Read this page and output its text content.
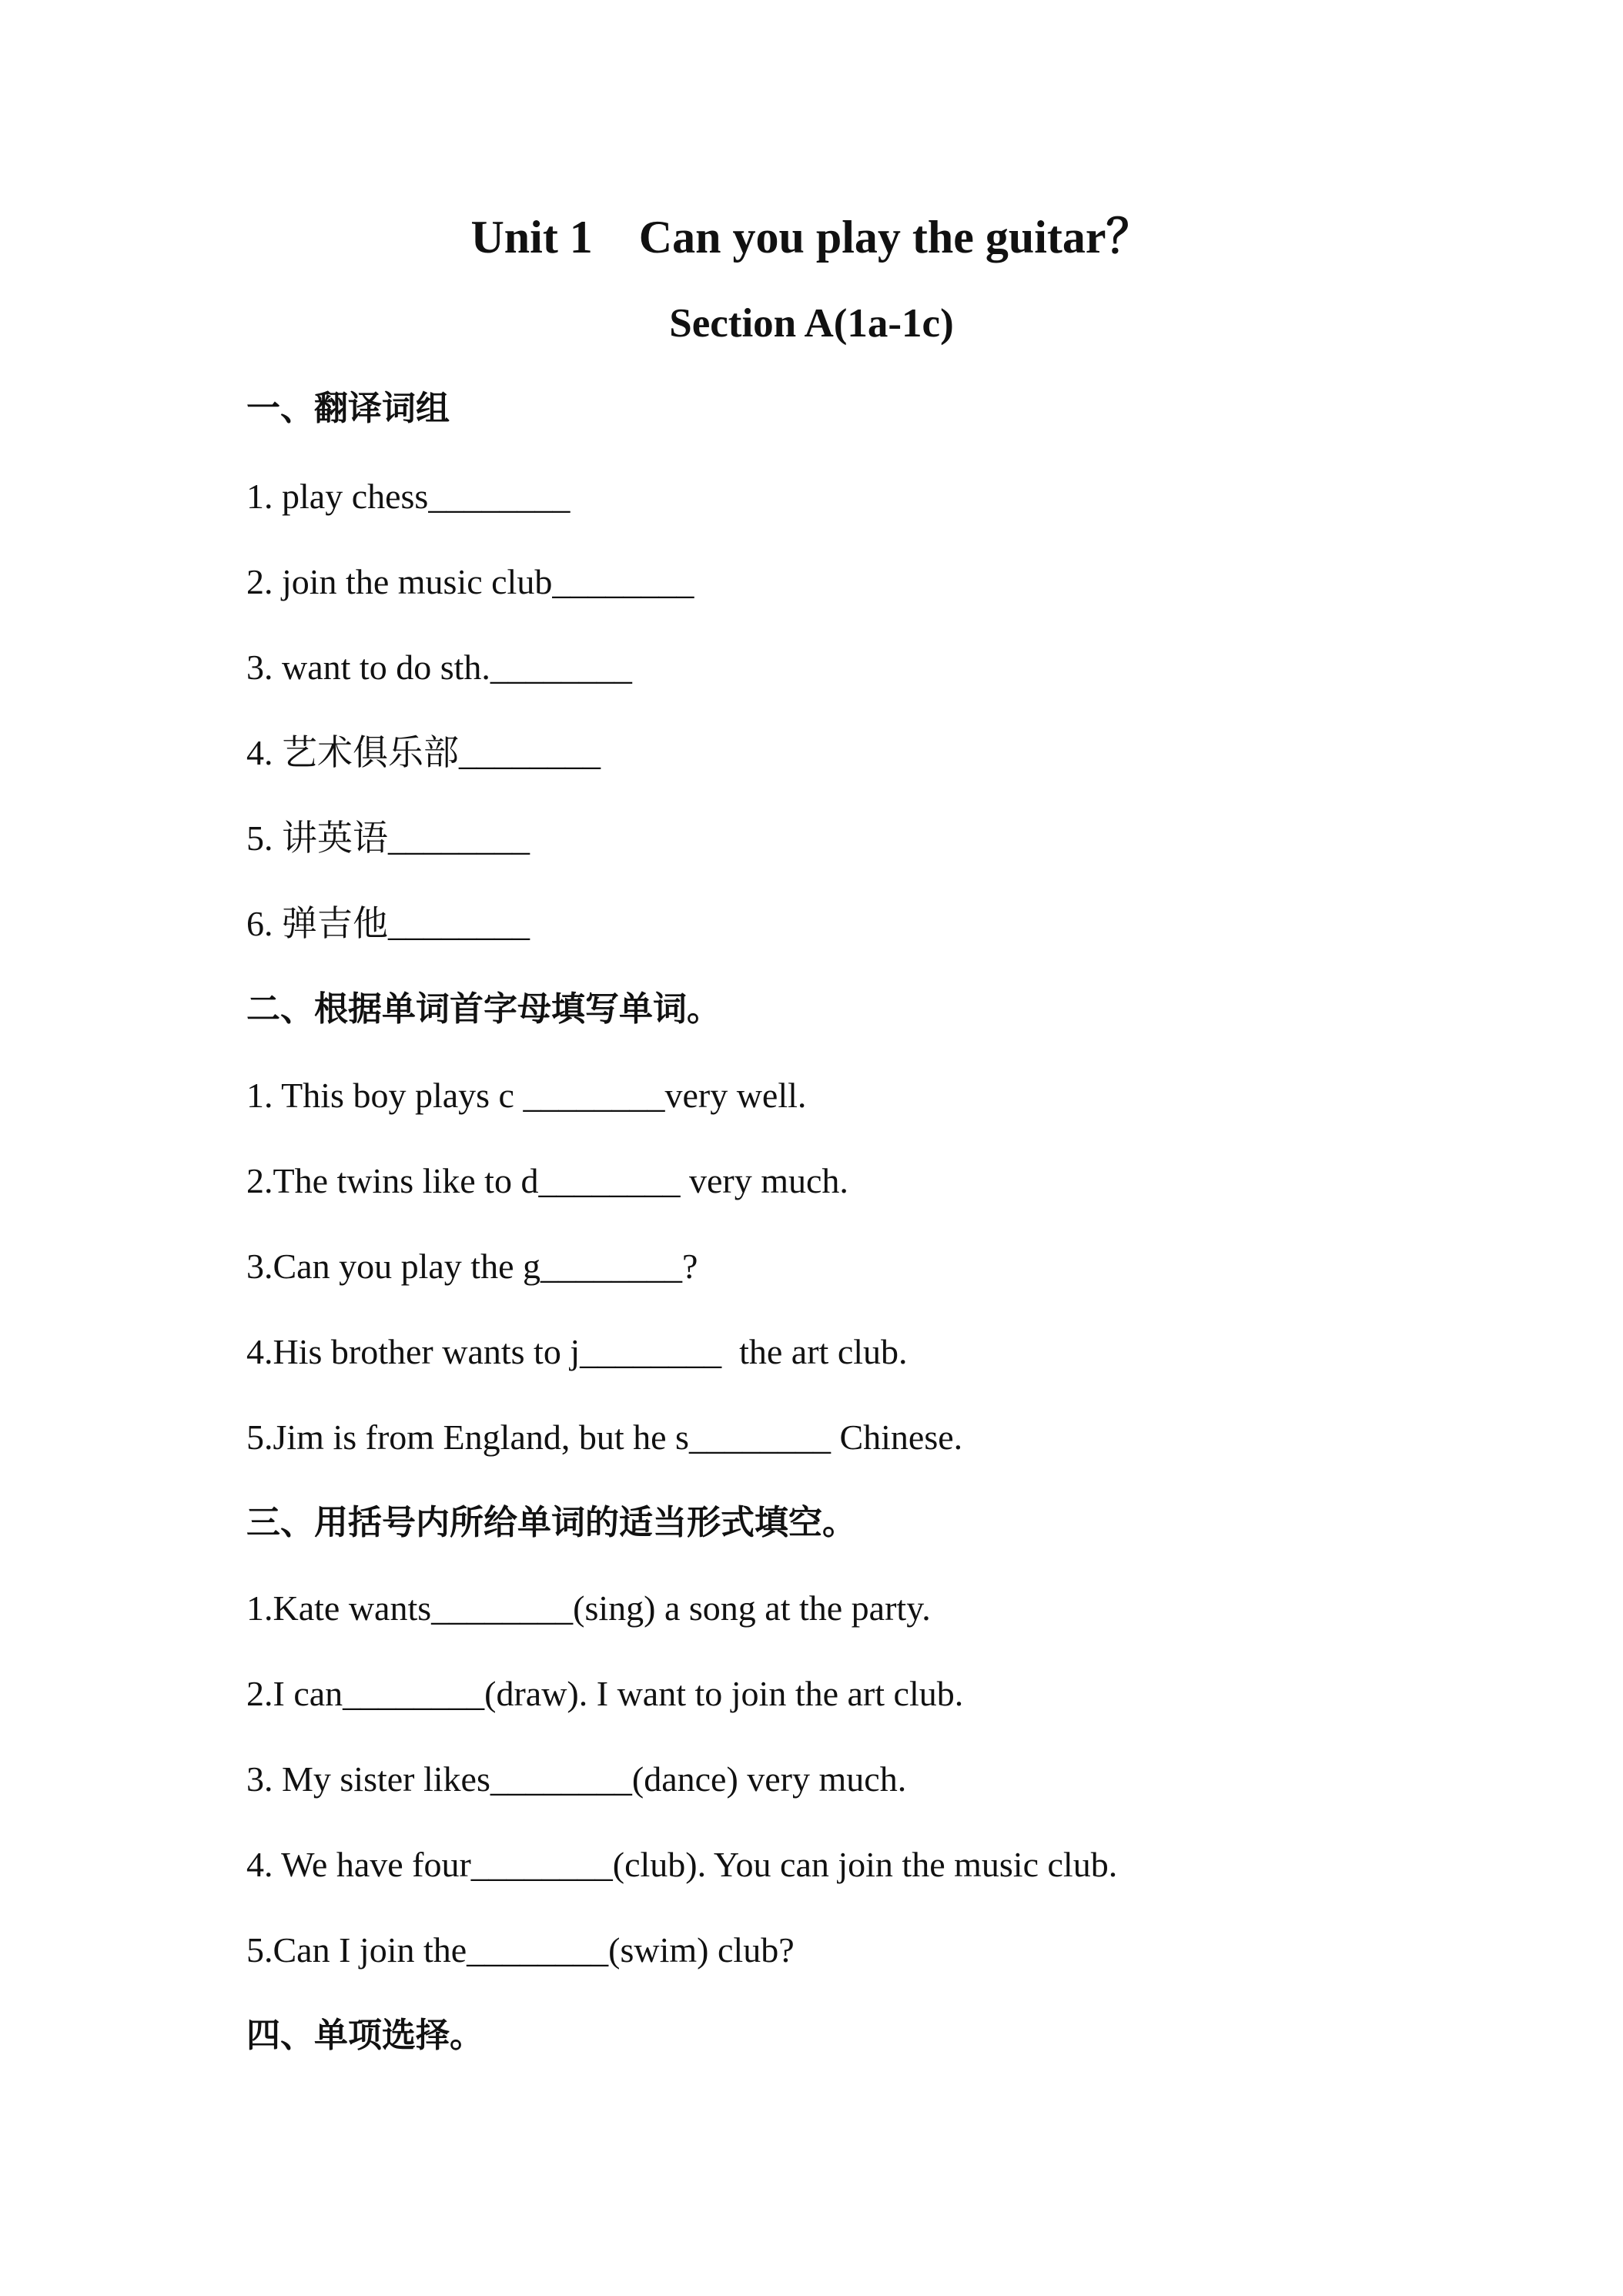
Unit 1    Can you play the guitar？
Section A(1a-1c)
一、翻译词组
1. play chess________
2. join the music club________
3. want to do sth.________
4. 艺术俱乐部________
5. 讲英语________
6. 弹吉他________
二、根据单词首字母填写单词。
1. This boy plays c ________very well.
2.The twins like to d________ very much.
3.Can you play the g________?
4.His brother wants to j________  the art club.
5.Jim is from England, but he s________ Chinese.
三、用括号内所给单词的适当形式填空。
1.Kate wants________(sing) a song at the party.
2.I can________(draw). I want to join the art club.
3. My sister likes________(dance) very much.
4. We have four________(club). You can join the music club.
5.Can I join the________(swim) club?
四、单项选择。
